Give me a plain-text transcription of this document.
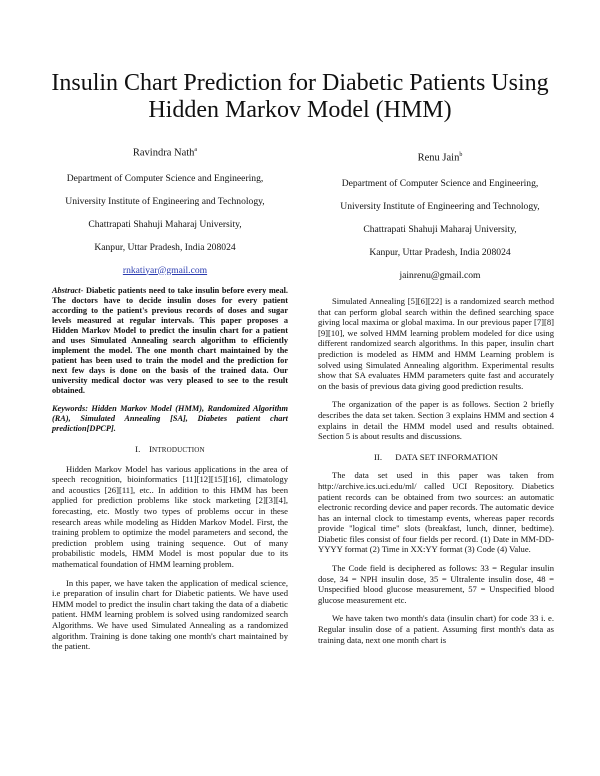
Insulin Chart Prediction for Diabetic Patients Using Hidden Markov Model (HMM)
Ravindra Nath$^a$
Department of Computer Science and Engineering,
University Institute of Engineering and Technology,
Chattrapati Shahuji Maharaj University,
Kanpur, Uttar Pradesh, India 208024
rnkatiyar@gmail.com
Renu Jain$^b$
Department of Computer Science and Engineering,
University Institute of Engineering and Technology,
Chattrapati Shahuji Maharaj University,
Kanpur, Uttar Pradesh, India 208024
jainrenu@gmail.com

Abstract- Diabetic patients need to take insulin before every meal. The doctors have to decide insulin doses for every patient according to the patient's previous records of doses and sugar levels measured at regular intervals. This paper proposes a Hidden Markov Model to predict the insulin chart for a patient and uses Simulated Annealing search algorithm to efficiently implement the model. The one month chart maintained by the patient has been used to train the model and the prediction for next few days is done on the basis of the trained data. Our university medical doctor was very pleased to see to the result obtained.

Keywords: Hidden Markov Model (HMM), Randomized Algorithm (RA), Simulated Annealing [SA], Diabetes patient chart prediction[DPCP].

I. INTRODUCTION

Hidden Markov Model has various applications in the area of speech recognition, bioinformatics [11][12][15][16], climatology and acoustics [26][11], etc.. In addition to this HMM has been applied for prediction problems like stock marketing [2][3][4], forecasting, etc. Mostly two types of problems occur in these research areas while modeling as Hidden Markov Model. First, the training problem to optimize the model parameters and second, the prediction problem using training sequence. Out of many probabilistic models, HMM Model is most popular due to its mathematical foundation of HMM learning problem.

In this paper, we have taken the application of medical science, i.e preparation of insulin chart for Diabetic patients. We have used HMM model to predict the insulin chart taking the data of a diabetic patient. HMM learning problem is solved using randomized search Algorithms. We have used Simulated Annealing as a randomized algorithm. Training is done taking one month's chart maintained by the patient.

Simulated Annealing [5][6][22] is a randomized search method that can perform global search within the defined searching space giving local maxima or global maxima. In our previous paper [7][8][9][10], we solved HMM learning problem modeled for dice using different randomized search algorithms. In this paper, insulin chart prediction is modeled as HMM and HMM Learning problem is solved using Simulated Annealing algorithm. Experimental results show that SA evaluates HMM parameters quite fast and accurately on the basis of previous data giving good prediction results.

The organization of the paper is as follows. Section 2 briefly describes the data set taken. Section 3 explains HMM and section 4 explains in detail the HMM model used and results obtained. Section 5 is about results and discussions.

II.      DATA SET INFORMATION

The data set used in this paper was taken from http://archive.ics.uci.edu/ml/ called UCI Repository. Diabetics patient records can be obtained from two sources: an automatic electronic recording device and paper records. The automatic device has an internal clock to timestamp events, whereas paper records provide "logical time" slots (breakfast, lunch, dinner, bedtime). Diabetic files consist of four fields per record. (1) Date in MM-DD-YYYY format (2) Time in XX:YY format (3) Code (4) Value.

The Code field is deciphered as follows: 33 = Regular insulin dose, 34 = NPH insulin dose, 35 = Ultralente insulin dose, 48 = Unspecified blood glucose measurement, 57 = Unspecified blood glucose measurement etc.

We have taken two month's data (insulin chart) for code 33 i. e. Regular insulin dose of a patient. Assuming first month's data as training data, next one month chart is
